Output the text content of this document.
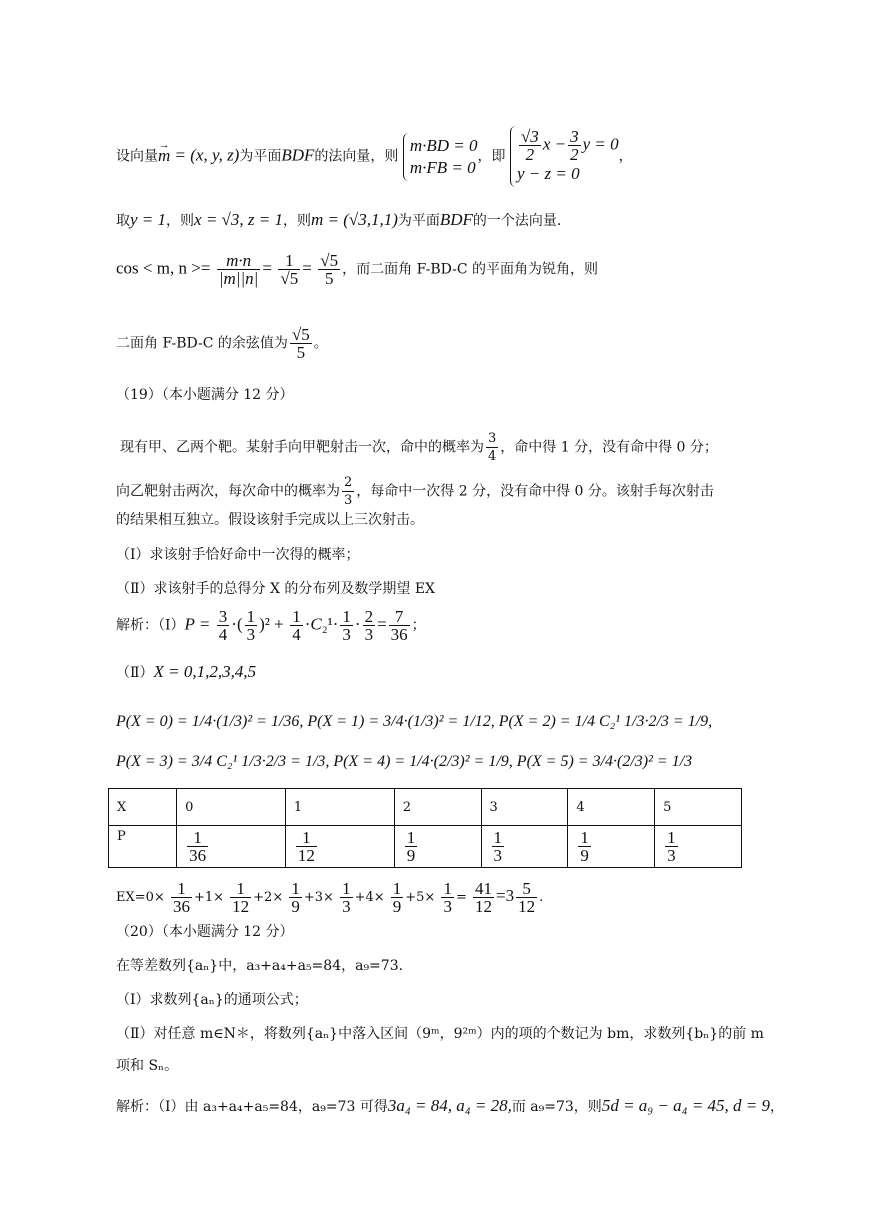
设向量→ m = (x, y, z)为平面BDF的法向量，则
m·BD = 0
m·FB = 0
，即 $\frac{√3}{2}$ $x - \frac{3}{2}$ y = 0
y − z = 0
，
取y = 1，则x = √3, z = 1，则m = (√3,1,1)为平面BDF的一个法向量.
cos < m, $n >= \frac{m\cdot n}{|m||n|} = \frac{1}{√5} = \frac{√5}{5}$ ，而二面角 F-BD-C 的平面角为锐角，则
二面角 F-BD-C 的余弦值为 $\frac{√5}{5}$ 。
（19）（本小题满分 12 分）
现有甲、乙两个靶。某射手向甲靶射击一次，命中的概率为 $\frac{3}{4}$ ，命中得 1 分，没有命中得 0 分；
向乙靶射击两次，每次命中的概率为 $\frac{2}{3}$ ，每命中一次得 2 分，没有命中得 0 分。该射手每次射击
的结果相互独立。假设该射手完成以上三次射击。
（Ⅰ）求该射手恰好命中一次得的概率；
（Ⅱ）求该射手的总得分 X 的分布列及数学期望 EX
解析：（Ⅰ）P = $\frac{3}{4}$ ·( $\frac{1}{3} )^2 + \frac{1}{4} \cdot C_2^1\cdot \frac{1}{3} \cdot \frac{2}{3} = \frac{7}{36}$ ；
（Ⅱ）X = 0,1,2,3,4,5
P(X = 0) = 1/4·(1/3)² = 1/36, P(X = 1) = 3/4·(1/3)² = 1/12, P(X = 2) = 1/4 C₂¹ 1/3·2/3 = 1/9,
P(X = 3) = 3/4 C₂¹ 1/3·2/3 = 1/3, P(X = 4) = 1/4·(2/3)² = 1/9, P(X = 5) = 3/4·(2/3)² = 1/3
X	0	1	2	3	4	5
P	$\frac{1}{36}$	$\frac{1}{12}$	$\frac{1}{9}$	$\frac{1}{3}$	$\frac{1}{9}$	$\frac{1}{3}$
$EX=0\times \frac{1}{36} +1\times \frac{1}{12} +2\times \frac{1}{9} +3\times \frac{1}{3} +4\times \frac{1}{9} +5\times \frac{1}{3} = \frac{41}{12} =3 \frac{5}{12}$ .
（20）（本小题满分 12 分）
在等差数列{aₙ}中，a₃+a₄+a₅=84，a₉=73.
（Ⅰ）求数列{aₙ}的通项公式；
（Ⅱ）对任意 m∈N＊，将数列{aₙ}中落入区间（9ᵐ，9²ᵐ）内的项的个数记为 bm，求数列{bₙ}的前 m
项和 Sₙ。
解析：（Ⅰ）由 a₃+a₄+a₅=84，a₉=73 可得3a₄ = 84, a₄ = 28,而 a₉=73，则5d = a₉ − a₄ = 45, d = 9，
